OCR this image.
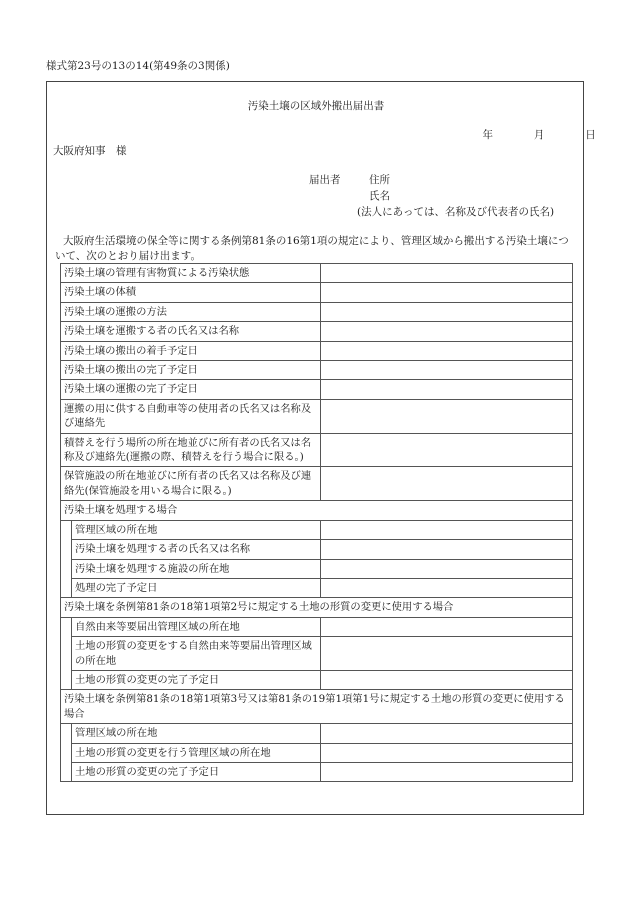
様式第23号の13の14(第49条の3関係)
汚染土壌の区域外搬出届出書
年	月	日
大阪府知事　様
届出者	住所
氏名
(法人にあっては、名称及び代表者の氏名)
大阪府生活環境の保全等に関する条例第81条の16第1項の規定により、管理区域から搬出する汚染土壌について、次のとおり届け出ます。
汚染土壌の管理有害物質による汚染状態		
汚染土壌の体積		
汚染土壌の運搬の方法		
汚染土壌を運搬する者の氏名又は名称		
汚染土壌の搬出の着手予定日		
汚染土壌の搬出の完了予定日		
汚染土壌の運搬の完了予定日		
運搬の用に供する自動車等の使用者の氏名又は名称及び連絡先		
積替えを行う場所の所在地並びに所有者の氏名又は名称及び連絡先(運搬の際、積替えを行う場合に限る。)		
保管施設の所在地並びに所有者の氏名又は名称及び連絡先(保管施設を用いる場合に限る。)		
汚染土壌を処理する場合		
	管理区域の所在地	
	汚染土壌を処理する者の氏名又は名称	
	汚染土壌を処理する施設の所在地	
	処理の完了予定日	
汚染土壌を条例第81条の18第1項第2号に規定する土地の形質の変更に使用する場合		
	自然由来等要届出管理区域の所在地	
	土地の形質の変更をする自然由来等要届出管理区域の所在地	
	土地の形質の変更の完了予定日	
汚染土壌を条例第81条の18第1項第3号又は第81条の19第1項第1号に規定する土地の形質の変更に使用する場合		
	管理区域の所在地	
	土地の形質の変更を行う管理区域の所在地	
	土地の形質の変更の完了予定日	
